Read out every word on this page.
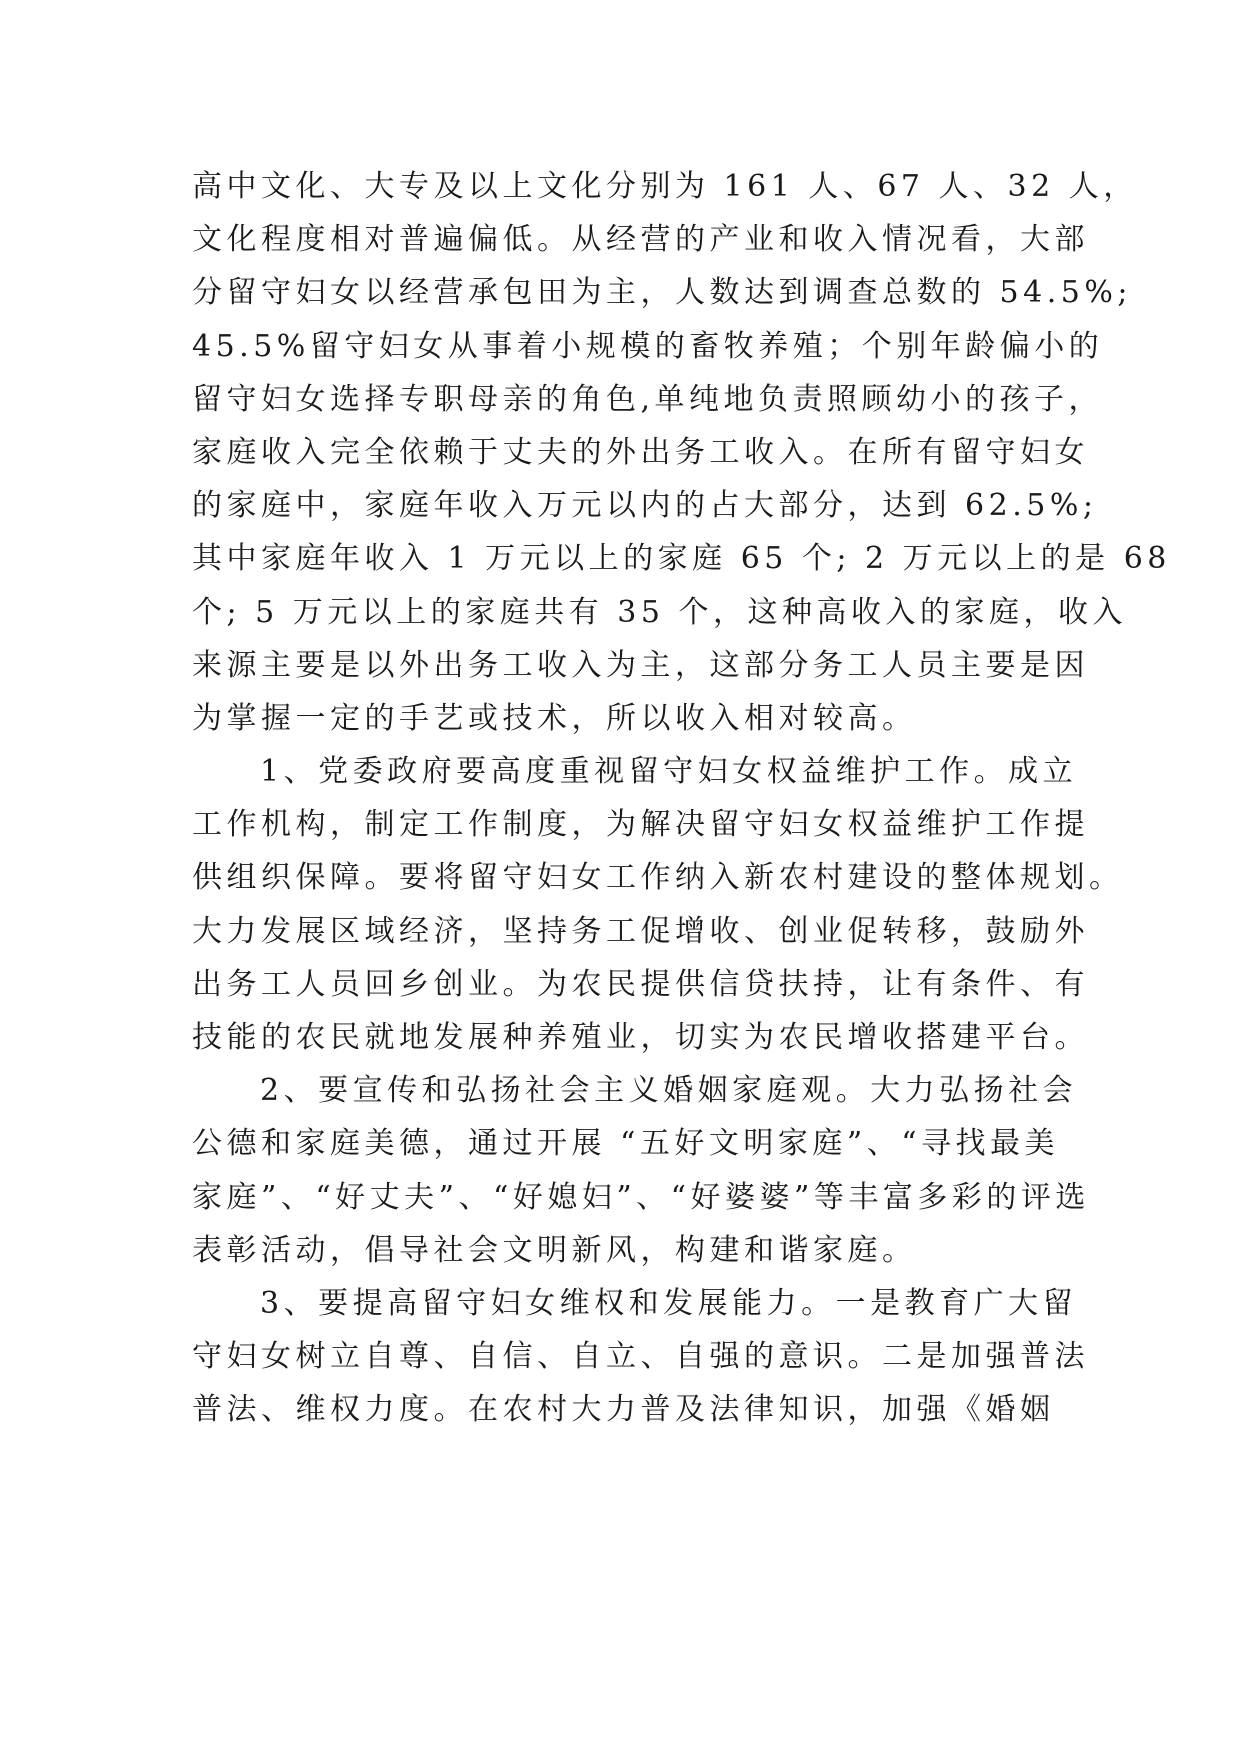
高中文化、大专及以上文化分别为 161 人、67 人、32 人，
文化程度相对普遍偏低。从经营的产业和收入情况看，大部
分留守妇女以经营承包田为主，人数达到调查总数的 54.5%;
45.5%留守妇女从事着小规模的畜牧养殖；个别年龄偏小的
留守妇女选择专职母亲的角色,单纯地负责照顾幼小的孩子，
家庭收入完全依赖于丈夫的外出务工收入。在所有留守妇女
的家庭中，家庭年收入万元以内的占大部分，达到 62.5%;
其中家庭年收入 1 万元以上的家庭 65 个; 2 万元以上的是 68
个; 5 万元以上的家庭共有 35 个，这种高收入的家庭，收入
来源主要是以外出务工收入为主，这部分务工人员主要是因
为掌握一定的手艺或技术，所以收入相对较高。
1、党委政府要高度重视留守妇女权益维护工作。成立
工作机构，制定工作制度，为解决留守妇女权益维护工作提
供组织保障。要将留守妇女工作纳入新农村建设的整体规划。
大力发展区域经济，坚持务工促增收、创业促转移，鼓励外
出务工人员回乡创业。为农民提供信贷扶持，让有条件、有
技能的农民就地发展种养殖业，切实为农民增收搭建平台。
2、要宣传和弘扬社会主义婚姻家庭观。大力弘扬社会
公德和家庭美德，通过开展 “五好文明家庭”、“寻找最美
家庭”、“好丈夫”、“好媳妇”、“好婆婆”等丰富多彩的评选
表彰活动，倡导社会文明新风，构建和谐家庭。
3、要提高留守妇女维权和发展能力。一是教育广大留
守妇女树立自尊、自信、自立、自强的意识。二是加强普法
普法、维权力度。在农村大力普及法律知识，加强《婚姻
